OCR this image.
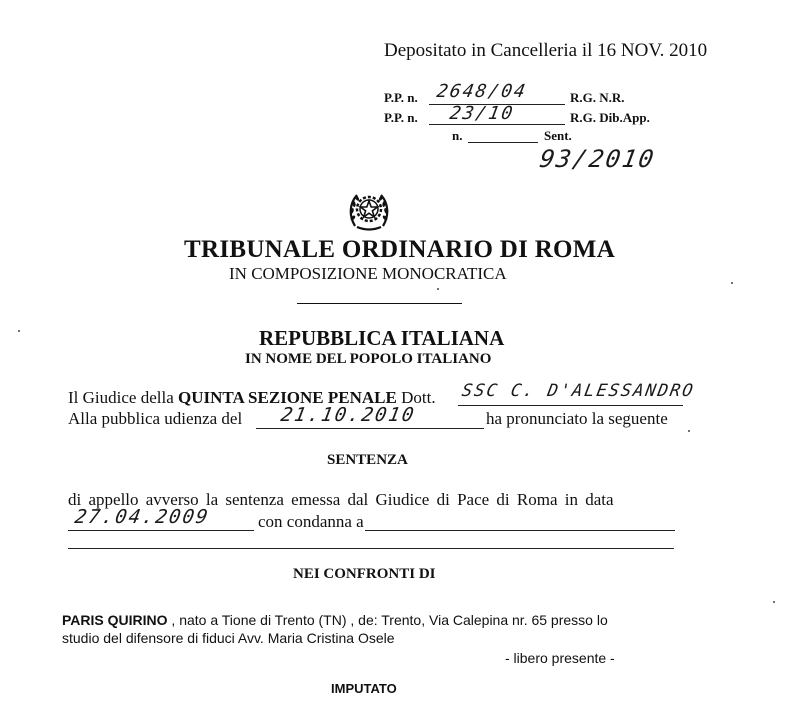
Depositato in Cancelleria il 16 NOV. 2010
P.P. n. 2648/04	R.G. N.R.
P.P. n. 23/10	R.G. Dib.App.
n.	Sent.
93/2010
TRIBUNALE ORDINARIO DI ROMA
IN COMPOSIZIONE MONOCRATICA
REPUBBLICA ITALIANA
IN NOME DEL POPOLO ITALIANO
Il Giudice della QUINTA SEZIONE PENALE Dott. SSC C. D'ALESSANDRO
Alla pubblica udienza del 21.10.2010	ha pronunciato la seguente
SENTENZA
di appello avverso la sentenza emessa dal Giudice di Pace di Roma in data
27.04.2009	con condanna a
NEI CONFRONTI DI
PARIS QUIRINO , nato a Tione di Trento (TN) , de: Trento, Via Calepina nr. 65 presso lo
studio del difensore di fiduci Avv. Maria Cristina Osele
- libero presente -
IMPUTATO
